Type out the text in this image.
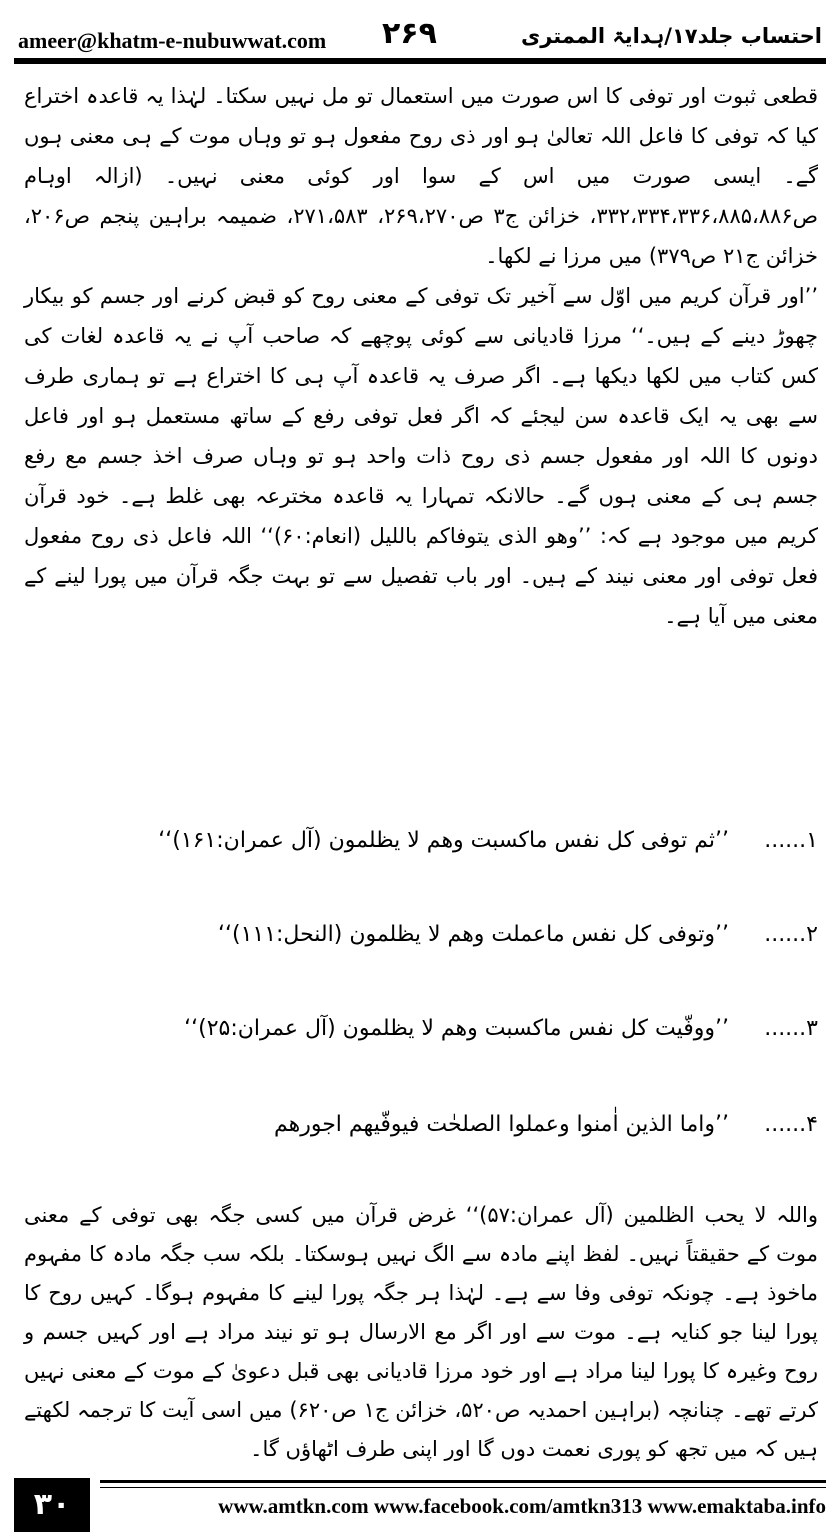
ameer@khatm-e-nubuwwat.com ۲۶۹	احتساب جلد۱۷/ہدایۃ الممتری

قطعی ثبوت اور توفی کا اس صورت میں استعمال تو مل نہیں سکتا۔ لہٰذا یہ قاعدہ اختراع کیا کہ توفی کا فاعل اللہ تعالیٰ ہو اور ذی روح مفعول ہو تو وہاں موت کے ہی معنی ہوں گے۔ ایسی صورت میں اس کے سوا اور کوئی معنی نہیں۔ (ازالہ اوہام ص۳۳۲،۳۳۴،۳۳۶،۸۸۵،۸۸۶، خزائن ج۳ ص۲۶۹،۲۷۰، ۲۷۱،۵۸۳، ضمیمہ براہین پنجم ص۲۰۶، خزائن ج۲۱ ص۳۷۹) میں مرزا نے لکھا۔

’’اور قرآن کریم میں اوّل سے آخیر تک توفی کے معنی روح کو قبض کرنے اور جسم کو بیکار چھوڑ دینے کے ہیں۔‘‘ مرزا قادیانی سے کوئی پوچھے کہ صاحب آپ نے یہ قاعدہ لغات کی کس کتاب میں لکھا دیکھا ہے۔ اگر صرف یہ قاعدہ آپ ہی کا اختراع ہے تو ہماری طرف سے بھی یہ ایک قاعدہ سن لیجئے کہ اگر فعل توفی رفع کے ساتھ مستعمل ہو اور فاعل دونوں کا اللہ اور مفعول جسم ذی روح ذات واحد ہو تو وہاں صرف اخذ جسم مع رفع جسم ہی کے معنی ہوں گے۔ حالانکہ تمہارا یہ قاعدہ مخترعہ بھی غلط ہے۔ خود قرآن کریم میں موجود ہے کہ: ’’وھو الذی یتوفاکم باللیل (انعام:۶۰)‘‘ اللہ فاعل ذی روح مفعول فعل توفی اور معنی نیند کے ہیں۔ اور باب تفصیل سے تو بہت جگہ قرآن میں پورا لینے کے معنی میں آیا ہے۔

۱...... ’’ثم توفی کل نفس ماکسبت وھم لا یظلمون (آل عمران:۱۶۱)‘‘
۲...... ’’وتوفی کل نفس ماعملت وھم لا یظلمون (النحل:۱۱۱)‘‘
۳...... ’’ووفّیت کل نفس ماکسبت وھم لا یظلمون (آل عمران:۲۵)‘‘
۴...... ’’واما الذین اٰمنوا وعملوا الصلحٰت فیوفّیھم اجورھم

واللہ لا یحب الظلمین (آل عمران:۵۷)‘‘ غرض قرآن میں کسی جگہ بھی توفی کے معنی موت کے حقیقتاً نہیں۔ لفظ اپنے مادہ سے الگ نہیں ہوسکتا۔ بلکہ سب جگہ مادہ کا مفہوم ماخوذ ہے۔ چونکہ توفی وفا سے ہے۔ لہٰذا ہر جگہ پورا لینے کا مفہوم ہوگا۔ کہیں روح کا پورا لینا جو کنایہ ہے۔ موت سے اور اگر مع الارسال ہو تو نیند مراد ہے اور کہیں جسم و روح وغیرہ کا پورا لینا مراد ہے اور خود مرزا قادیانی بھی قبل دعویٰ کے موت کے معنی نہیں کرتے تھے۔ چنانچہ (براہین احمدیہ ص۵۲۰، خزائن ج۱ ص۶۲۰) میں اسی آیت کا ترجمہ لکھتے ہیں کہ میں تجھ کو پوری نعمت دوں گا اور اپنی طرف اٹھاؤں گا۔

۳۰	www.amtkn.com www.facebook.com/amtkn313 www.emaktaba.info
